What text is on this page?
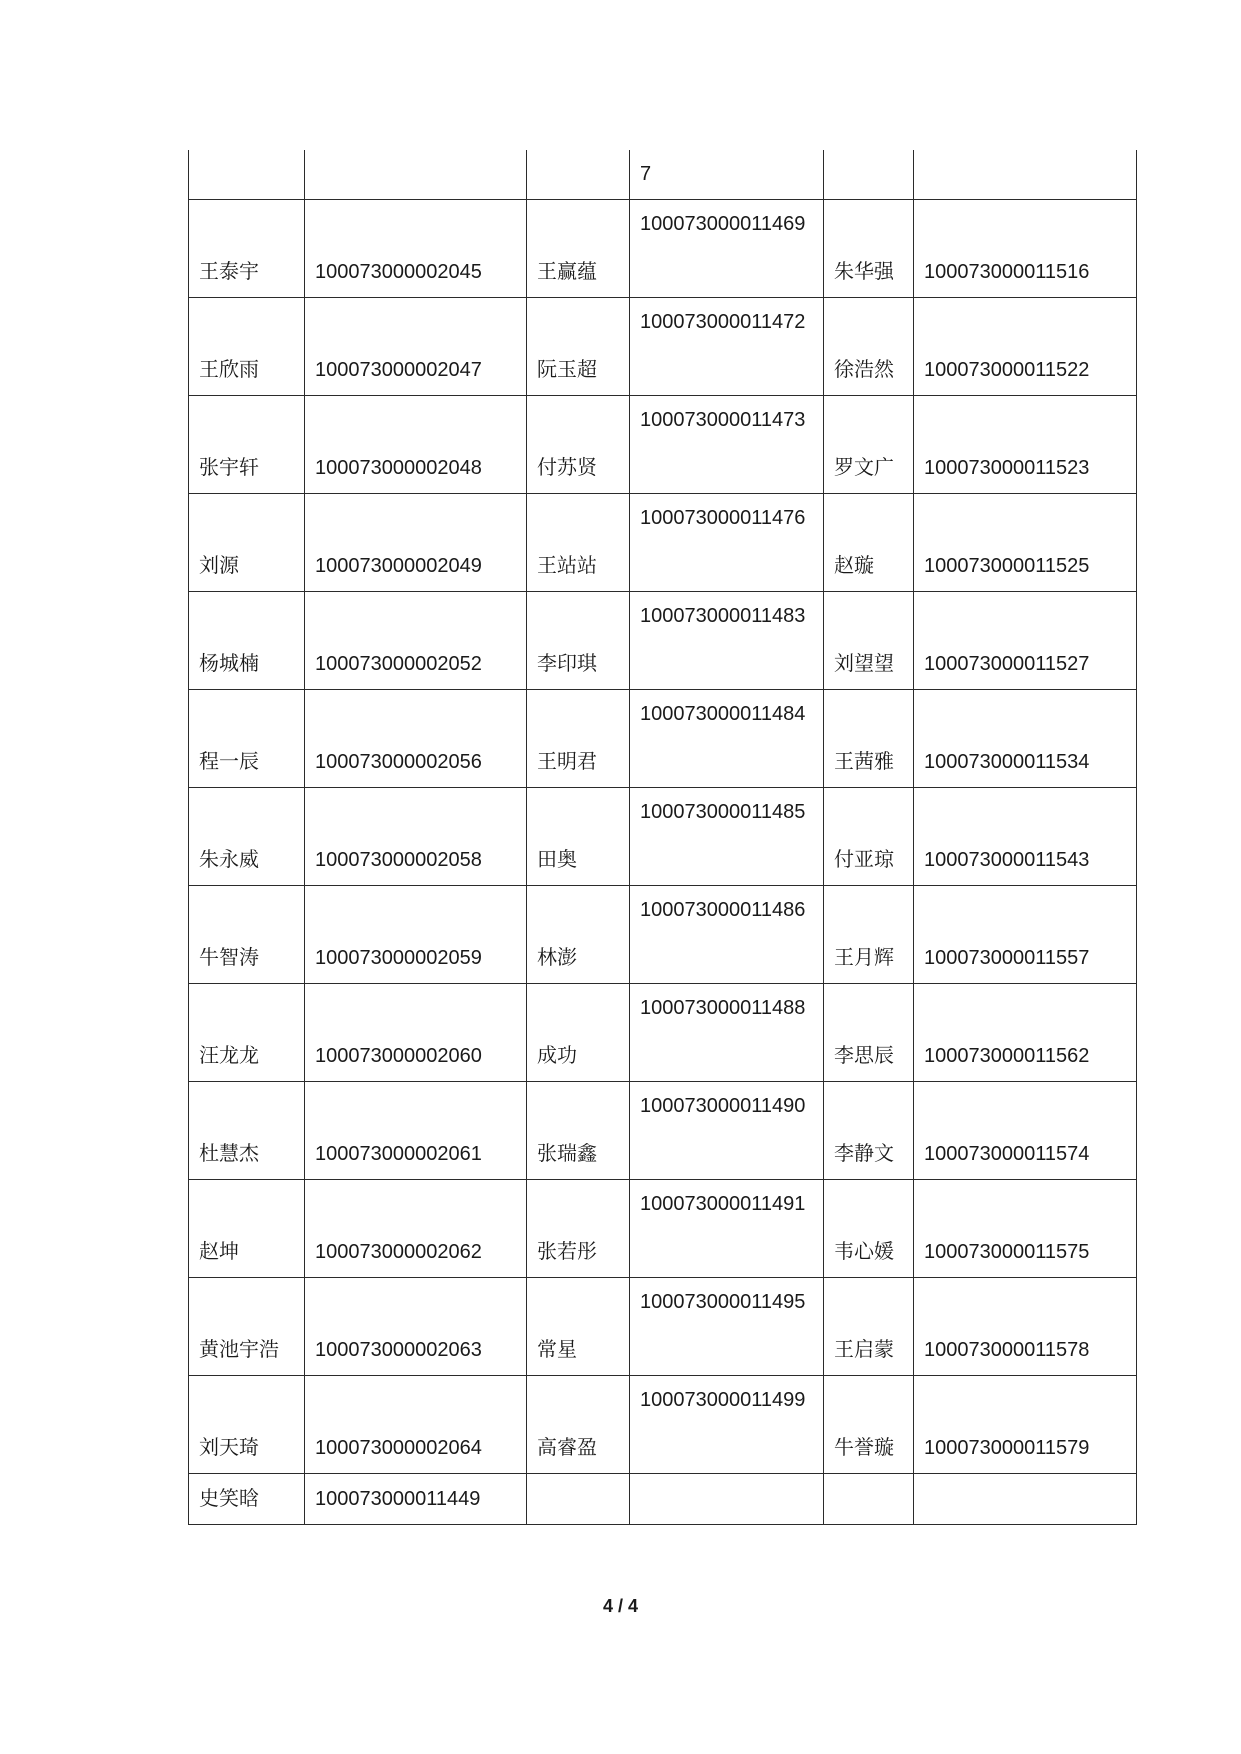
			7		
王泰宇	100073000002045	王赢蕴	100073000011469	朱华强	100073000011516
王欣雨	100073000002047	阮玉超	100073000011472	徐浩然	100073000011522
张宇轩	100073000002048	付苏贤	100073000011473	罗文广	100073000011523
刘源	100073000002049	王站站	100073000011476	赵璇	100073000011525
杨城楠	100073000002052	李印琪	100073000011483	刘望望	100073000011527
程一辰	100073000002056	王明君	100073000011484	王茜雅	100073000011534
朱永威	100073000002058	田奥	100073000011485	付亚琼	100073000011543
牛智涛	100073000002059	林澎	100073000011486	王月辉	100073000011557
汪龙龙	100073000002060	成功	100073000011488	李思辰	100073000011562
杜慧杰	100073000002061	张瑞鑫	100073000011490	李静文	100073000011574
赵坤	100073000002062	张若彤	100073000011491	韦心媛	100073000011575
黄池宇浩	100073000002063	常星	100073000011495	王启蒙	100073000011578
刘天琦	100073000002064	高睿盈	100073000011499	牛誉璇	100073000011579
史笑晗	100073000011449				
4 / 4
